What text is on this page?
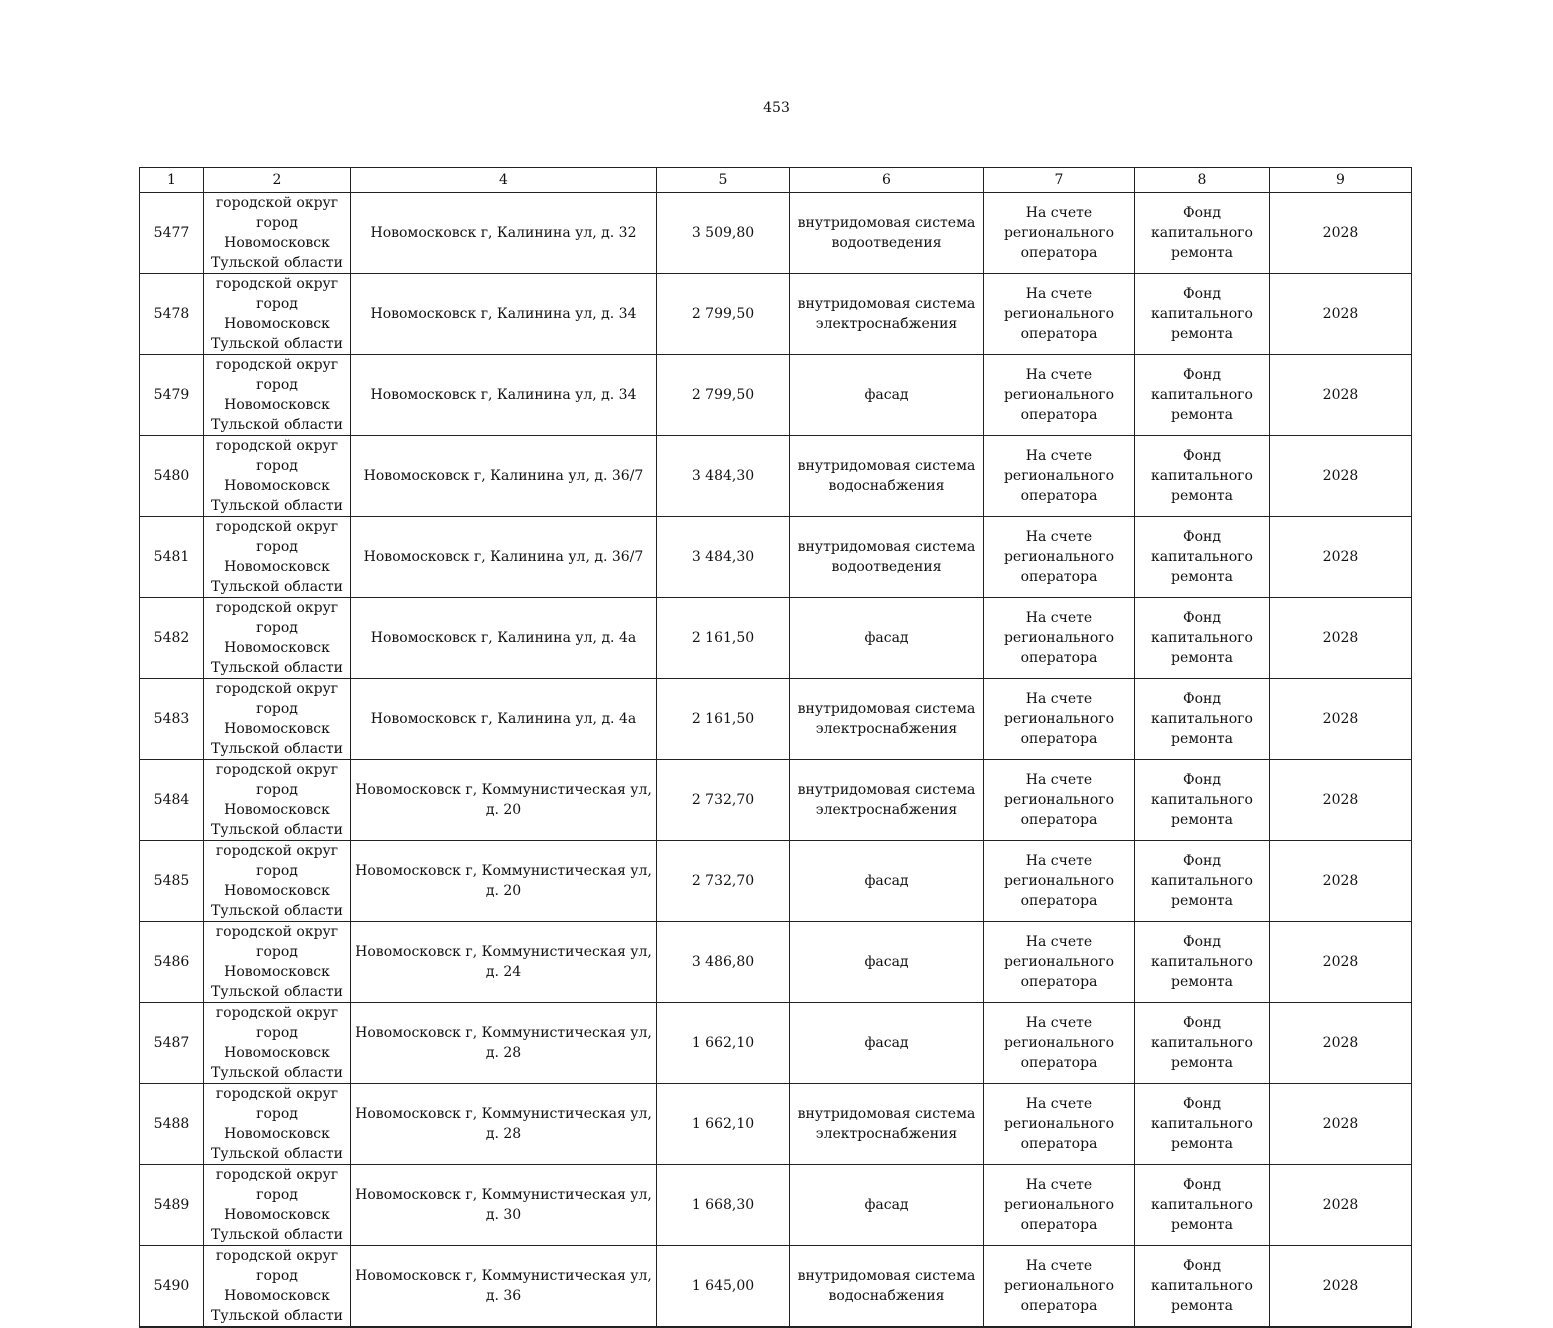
453
1	2	4	5	6	7	8	9

5477	городской округ город Новомосковск Тульской области	Новомосковск г, Калинина ул, д. 32	3 509,80	внутридомовая система водоотведения	На счете регионального оператора	Фонд капитального ремонта	2028

5478	городской округ город Новомосковск Тульской области	Новомосковск г, Калинина ул, д. 34	2 799,50	внутридомовая система электроснабжения	На счете регионального оператора	Фонд капитального ремонта	2028

5479	городской округ город Новомосковск Тульской области	Новомосковск г, Калинина ул, д. 34	2 799,50	фасад	На счете регионального оператора	Фонд капитального ремонта	2028

5480	городской округ город Новомосковск Тульской области	Новомосковск г, Калинина ул, д. 36/7	3 484,30	внутридомовая система водоснабжения	На счете регионального оператора	Фонд капитального ремонта	2028

5481	городской округ город Новомосковск Тульской области	Новомосковск г, Калинина ул, д. 36/7	3 484,30	внутридомовая система водоотведения	На счете регионального оператора	Фонд капитального ремонта	2028

5482	городской округ город Новомосковск Тульской области	Новомосковск г, Калинина ул, д. 4а	2 161,50	фасад	На счете регионального оператора	Фонд капитального ремонта	2028

5483	городской округ город Новомосковск Тульской области	Новомосковск г, Калинина ул, д. 4а	2 161,50	внутридомовая система электроснабжения	На счете регионального оператора	Фонд капитального ремонта	2028

5484	городской округ город Новомосковск Тульской области	Новомосковск г, Коммунистическая ул, д. 20	2 732,70	внутридомовая система электроснабжения	На счете регионального оператора	Фонд капитального ремонта	2028

5485	городской округ город Новомосковск Тульской области	Новомосковск г, Коммунистическая ул, д. 20	2 732,70	фасад	На счете регионального оператора	Фонд капитального ремонта	2028

5486	городской округ город Новомосковск Тульской области	Новомосковск г, Коммунистическая ул, д. 24	3 486,80	фасад	На счете регионального оператора	Фонд капитального ремонта	2028

5487	городской округ город Новомосковск Тульской области	Новомосковск г, Коммунистическая ул, д. 28	1 662,10	фасад	На счете регионального оператора	Фонд капитального ремонта	2028

5488	городской округ город Новомосковск Тульской области	Новомосковск г, Коммунистическая ул, д. 28	1 662,10	внутридомовая система электроснабжения	На счете регионального оператора	Фонд капитального ремонта	2028

5489	городской округ город Новомосковск Тульской области	Новомосковск г, Коммунистическая ул, д. 30	1 668,30	фасад	На счете регионального оператора	Фонд капитального ремонта	2028

5490	городской округ город Новомосковск Тульской области	Новомосковск г, Коммунистическая ул, д. 36	1 645,00	внутридомовая система водоснабжения	На счете регионального оператора	Фонд капитального ремонта	2028
